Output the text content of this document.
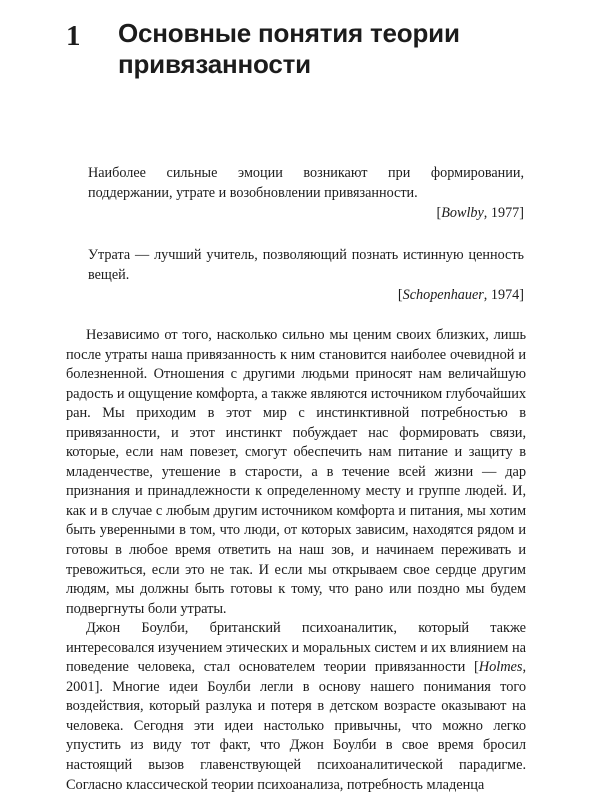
1 Основные понятия теории
привязанности

Наиболее сильные эмоции возникают при формировании, поддержании, утрате и возобновлении привязанности.

[Bowlby, 1977]

Утрата — лучший учитель, позволяющий познать истинную ценность вещей.

[Schopenhauer, 1974]

Независимо от того, насколько сильно мы ценим своих близких, лишь после утраты наша привязанность к ним становится наиболее очевидной и болезненной. Отношения с другими людьми приносят нам величайшую радость и ощущение комфорта, а также являются источником глубочайших ран. Мы приходим в этот мир с инстинктивной потребностью в привязанности, и этот инстинкт побуждает нас формировать связи, которые, если нам повезет, смогут обеспечить нам питание и защиту в младенчестве, утешение в старости, а в течение всей жизни — дар признания и принадлежности к определенному месту и группе людей. И, как и в случае с любым другим источником комфорта и питания, мы хотим быть уверенными в том, что люди, от которых зависим, находятся рядом и готовы в любое время ответить на наш зов, и начинаем переживать и тревожиться, если это не так. И если мы открываем свое сердце другим людям, мы должны быть готовы к тому, что рано или поздно мы будем подвергнуты боли утраты.

Джон Боулби, британский психоаналитик, который также интересовался изучением этических и моральных систем и их влиянием на поведение человека, стал основателем теории привязанности [Holmes, 2001]. Многие идеи Боулби легли в основу нашего понимания того воздействия, который разлука и потеря в детском возрасте оказывают на человека. Сегодня эти идеи настолько привычны, что можно легко упустить из виду тот факт, что Джон Боулби в свое время бросил настоящий вызов главенствующей психоаналитической парадигме. Согласно классической теории психоанализа, потребность младенца
